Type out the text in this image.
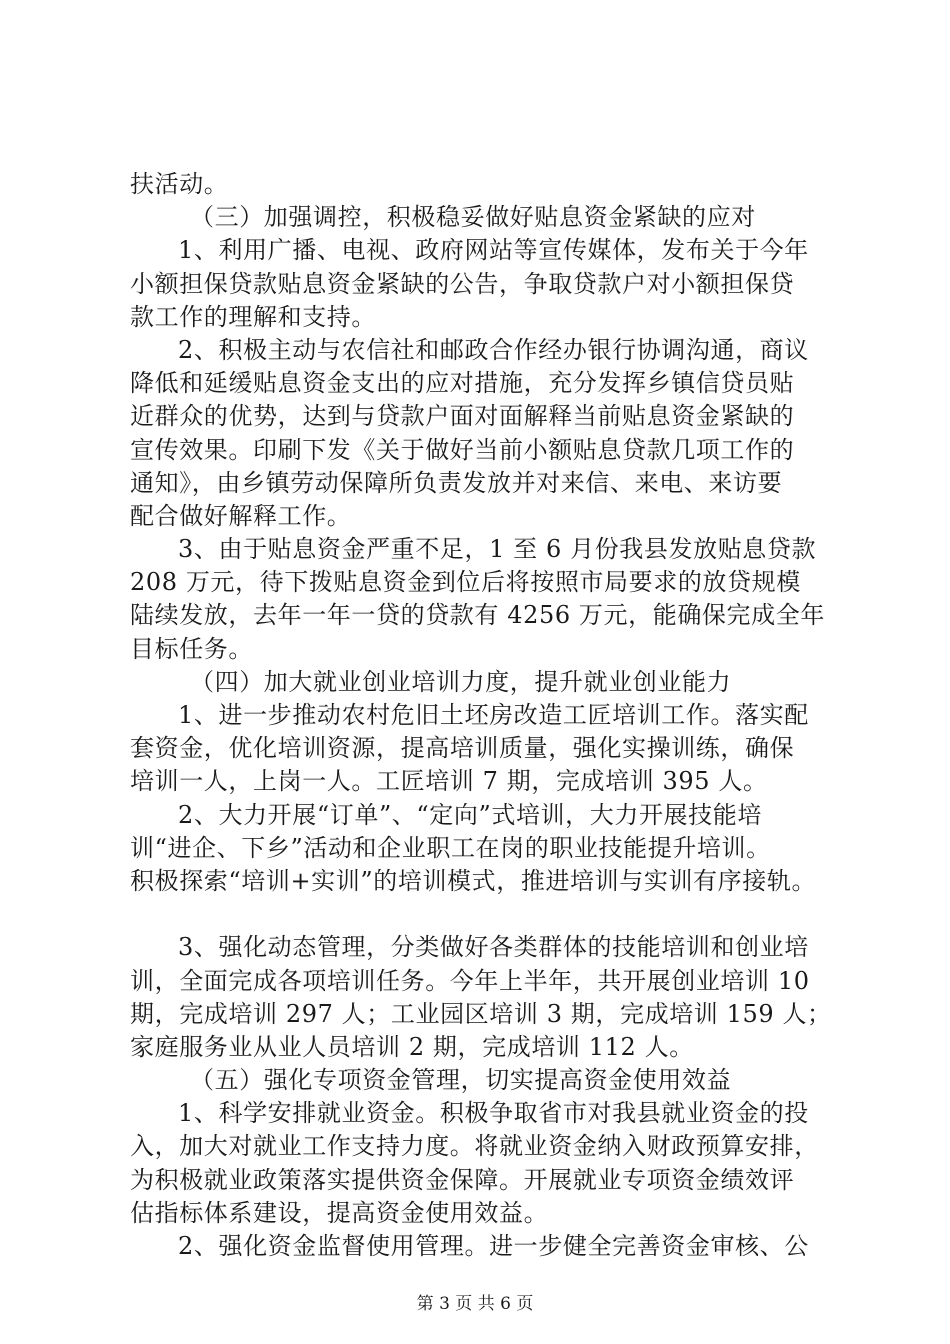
扶活动。
（三）加强调控，积极稳妥做好贴息资金紧缺的应对
1、利用广播、电视、政府网站等宣传媒体，发布关于今年
小额担保贷款贴息资金紧缺的公告，争取贷款户对小额担保贷
款工作的理解和支持。
2、积极主动与农信社和邮政合作经办银行协调沟通，商议
降低和延缓贴息资金支出的应对措施，充分发挥乡镇信贷员贴
近群众的优势，达到与贷款户面对面解释当前贴息资金紧缺的
宣传效果。印刷下发《关于做好当前小额贴息贷款几项工作的
通知》，由乡镇劳动保障所负责发放并对来信、来电、来访要
配合做好解释工作。
3、由于贴息资金严重不足，1 至 6 月份我县发放贴息贷款
208 万元，待下拨贴息资金到位后将按照市局要求的放贷规模
陆续发放，去年一年一贷的贷款有 4256 万元，能确保完成全年
目标任务。
（四）加大就业创业培训力度，提升就业创业能力
1、进一步推动农村危旧土坯房改造工匠培训工作。落实配
套资金，优化培训资源，提高培训质量，强化实操训练，确保
培训一人，上岗一人。工匠培训 7 期，完成培训 395 人。
2、大力开展“订单”、“定向”式培训，大力开展技能培
训“进企、下乡”活动和企业职工在岗的职业技能提升培训。
积极探索“培训+实训”的培训模式，推进培训与实训有序接轨。
3、强化动态管理，分类做好各类群体的技能培训和创业培
训，全面完成各项培训任务。今年上半年，共开展创业培训 10
期，完成培训 297 人；工业园区培训 3 期，完成培训 159 人；
家庭服务业从业人员培训 2 期，完成培训 112 人。
（五）强化专项资金管理，切实提高资金使用效益
1、科学安排就业资金。积极争取省市对我县就业资金的投
入，加大对就业工作支持力度。将就业资金纳入财政预算安排，
为积极就业政策落实提供资金保障。开展就业专项资金绩效评
估指标体系建设，提高资金使用效益。
2、强化资金监督使用管理。进一步健全完善资金审核、公
第 3 页 共 6 页
